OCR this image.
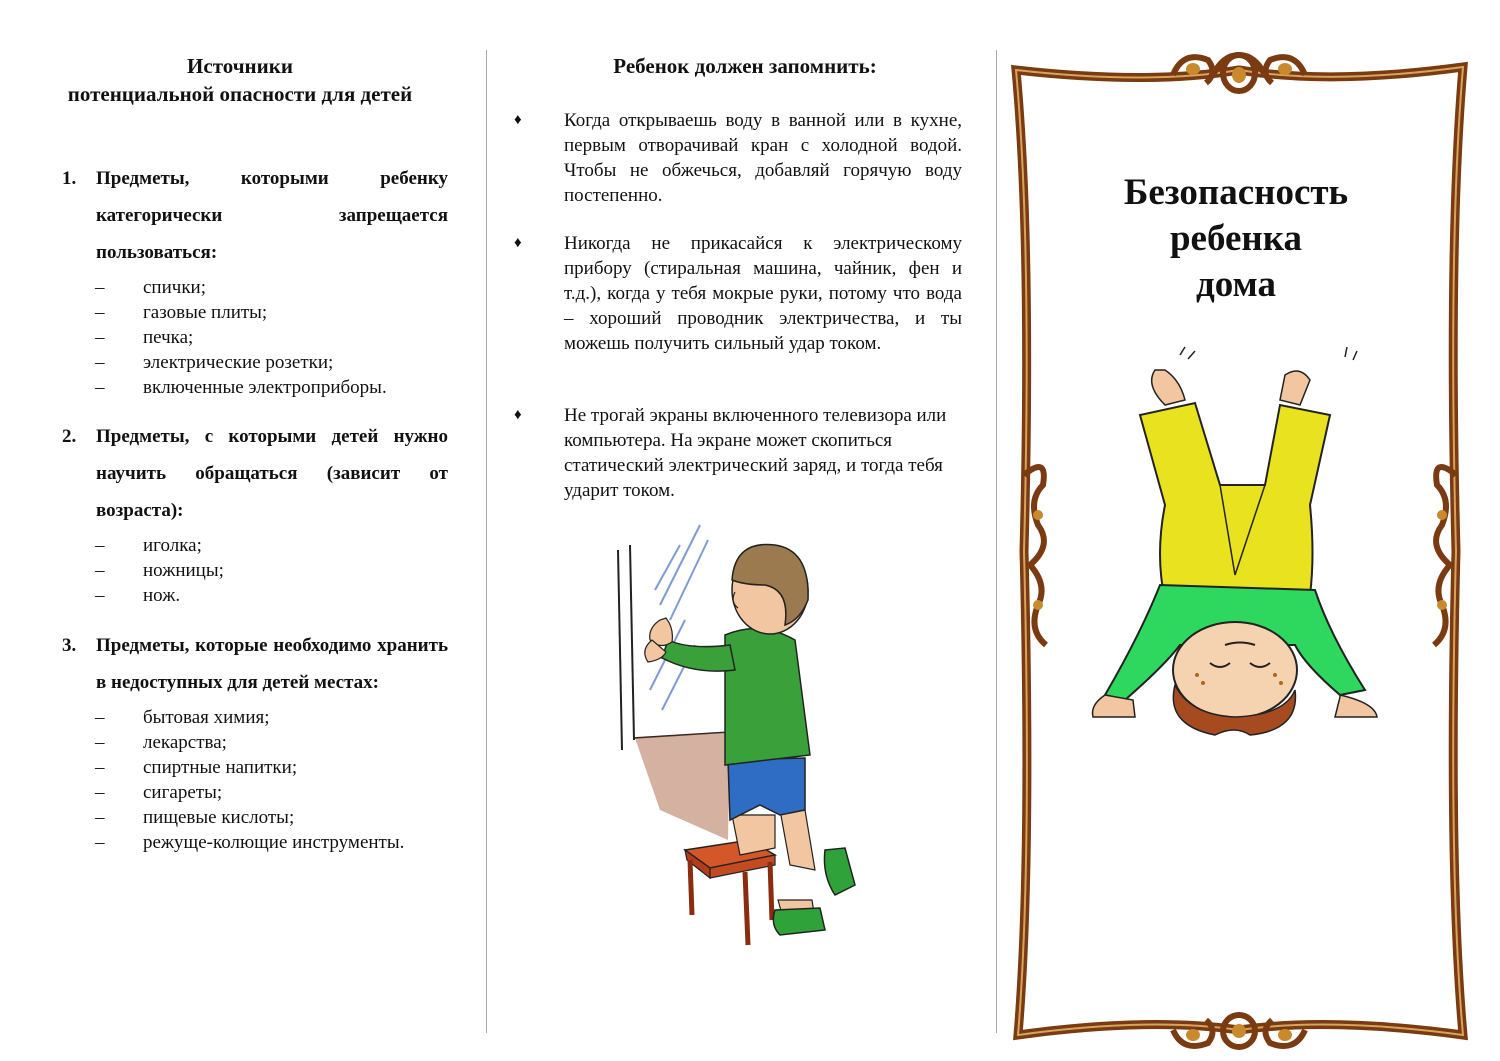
Источники
потенциальной опасности для детей
1.	Предметы, которыми ребенку категорически запрещается пользоваться:
–	спички;
–	газовые плиты;
–	печка;
–	электрические розетки;
–	включенные электроприборы.
2.	Предметы, с которыми детей нужно научить обращаться (зависит от возраста):
–	иголка;
–	ножницы;
–	нож.
3.	Предметы, которые необходимо хранить в недоступных для детей местах:
–	бытовая химия;
–	лекарства;
–	спиртные напитки;
–	сигареты;
–	пищевые кислоты;
–	режуще-колющие инструменты.
Ребенок должен запомнить:
♦	Когда открываешь воду в ванной или в кухне, первым отворачивай кран с холодной водой. Чтобы не обжечься, добавляй горячую воду постепенно.
♦	Никогда не прикасайся к электрическому прибору (стиральная машина, чайник, фен и т.д.), когда у тебя мокрые руки, потому что вода – хороший проводник электричества, и ты можешь получить сильный удар током.
♦	Не трогай экраны включенного телевизора или компьютера. На экране может скопиться статический электрический заряд, и тогда тебя ударит током.
Безопасность
ребенка
дома
